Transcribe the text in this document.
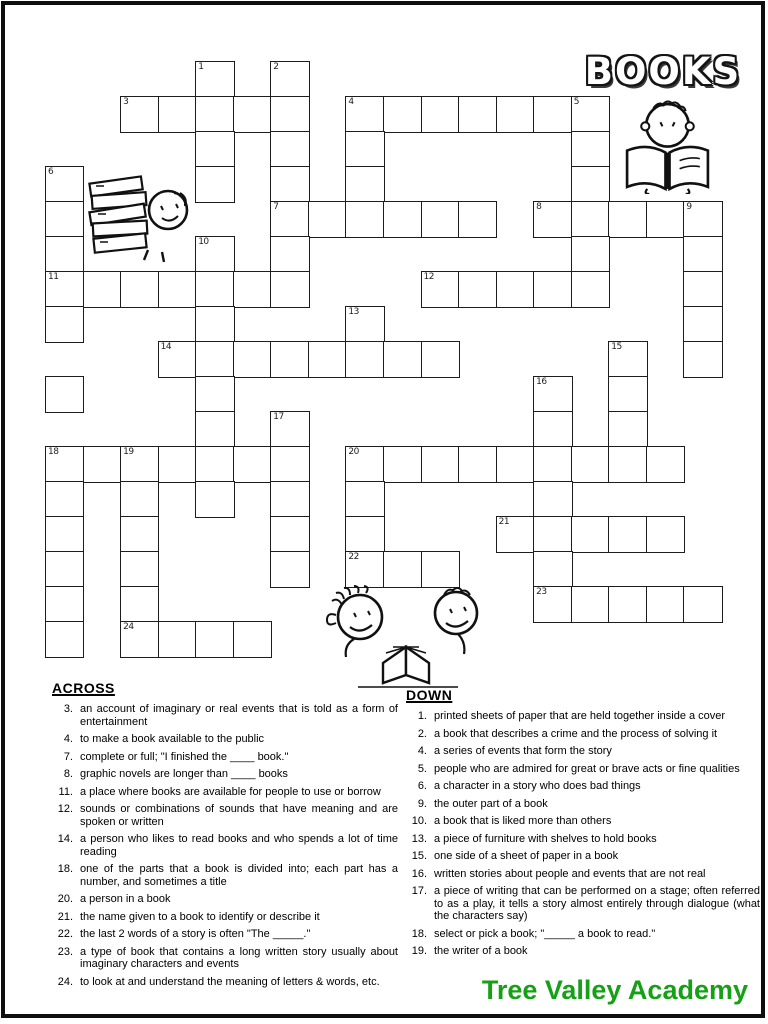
BOOKS
1	2
3	4	5
6
7	8	9
10
11	12
13
14	15
16
17
18	19	20
21
22
23
24
ACROSS
3. an account of imaginary or real events that is told as a form of entertainment
4. to make a book available to the public
7. complete or full; "I finished the ____ book."
8. graphic novels are longer than ____ books
11. a place where books are available for people to use or borrow
12. sounds or combinations of sounds that have meaning and are spoken or written
14. a person who likes to read books and who spends a lot of time reading
18. one of the parts that a book is divided into; each part has a number, and sometimes a title
20. a person in a book
21. the name given to a book to identify or describe it
22. the last 2 words of a story is often "The _____."
23. a type of book that contains a long written story usually about imaginary characters and events
24. to look at and understand the meaning of letters & words, etc.
DOWN
1. printed sheets of paper that are held together inside a cover
2. a book that describes a crime and the process of solving it
4. a series of events that form the story
5. people who are admired for great or brave acts or fine qualities
6. a character in a story who does bad things
9. the outer part of a book
10. a book that is liked more than others
13. a piece of furniture with shelves to hold books
15. one side of a sheet of paper in a book
16. written stories about people and events that are not real
17. a piece of writing that can be performed on a stage; often referred to as a play, it tells a story almost entirely through dialogue (what the characters say)
18. select or pick a book; "_____ a book to read."
19. the writer of a book
Tree Valley Academy
